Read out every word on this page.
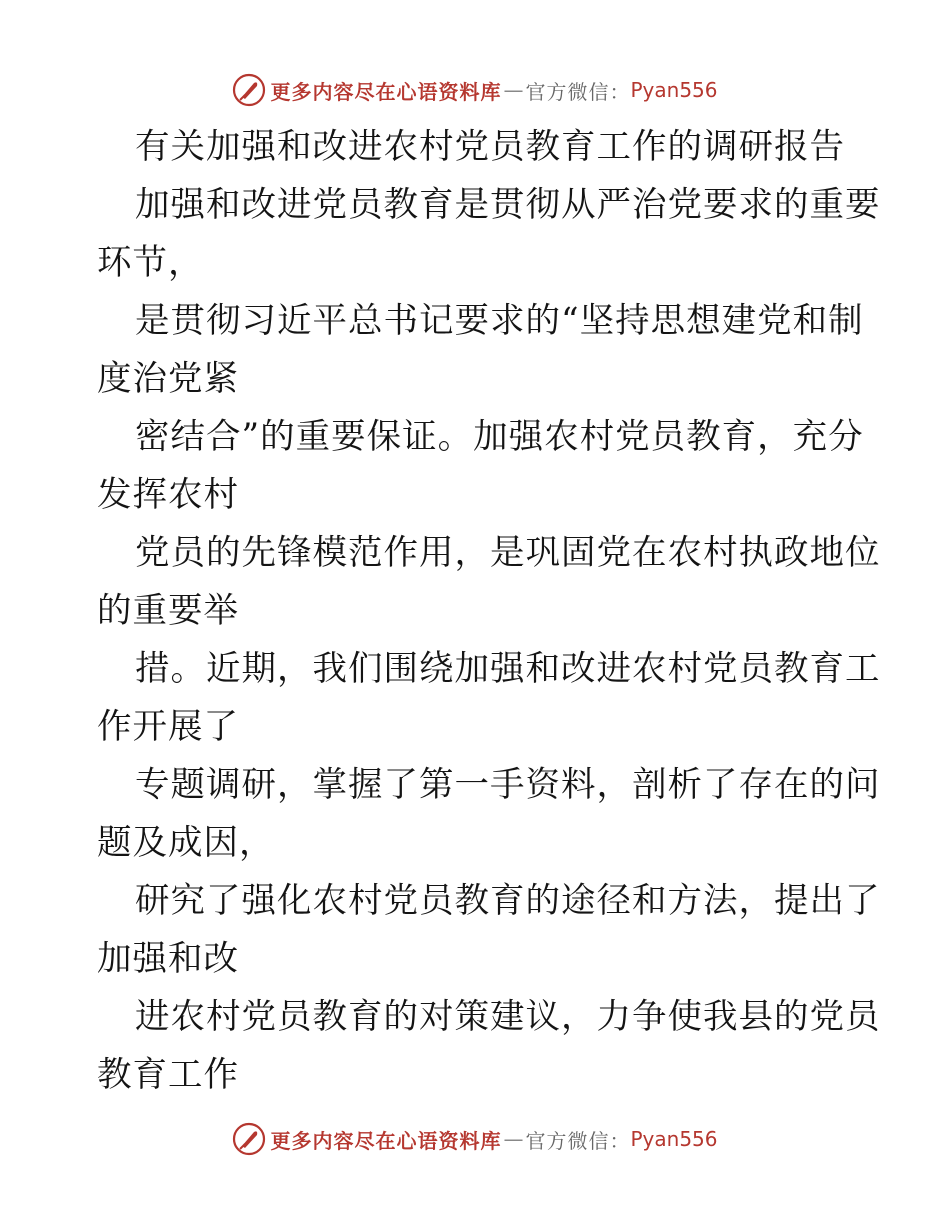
更多内容尽在心语资料库 — 官方微信： Pyan556
有关加强和改进农村党员教育工作的调研报告
加强和改进党员教育是贯彻从严治党要求的重要
环节，
是贯彻习近平总书记要求的“坚持思想建党和制
度治党紧
密结合”的重要保证。加强农村党员教育，充分
发挥农村
党员的先锋模范作用，是巩固党在农村执政地位
的重要举
措。近期，我们围绕加强和改进农村党员教育工
作开展了
专题调研，掌握了第一手资料，剖析了存在的问
题及成因，
研究了强化农村党员教育的途径和方法，提出了
加强和改
进农村党员教育的对策建议，力争使我县的党员
教育工作
更多内容尽在心语资料库 — 官方微信： Pyan556
